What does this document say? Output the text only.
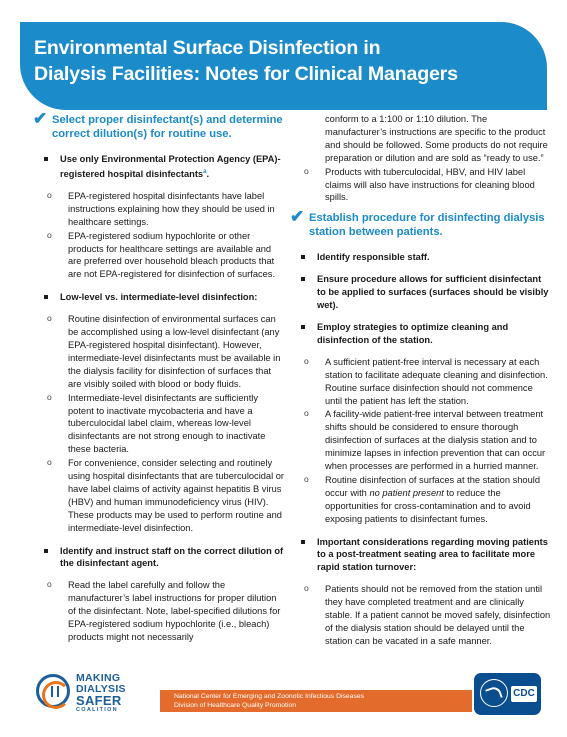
Environmental Surface Disinfection in
Dialysis Facilities: Notes for Clinical Managers
✔ Select proper disinfectant(s) and determine correct dilution(s) for routine use.
Use only Environmental Protection Agency (EPA)-registered hospital disinfectants$^a$.
o EPA-registered hospital disinfectants have label instructions explaining how they should be used in healthcare settings.
o EPA-registered sodium hypochlorite or other products for healthcare settings are available and are preferred over household bleach products that are not EPA-registered for disinfection of surfaces.
Low-level vs. intermediate-level disinfection:
o Routine disinfection of environmental surfaces can be accomplished using a low-level disinfectant (any EPA-registered hospital disinfectant). However, intermediate-level disinfectants must be available in the dialysis facility for disinfection of surfaces that are visibly soiled with blood or body fluids.
o Intermediate-level disinfectants are sufficiently potent to inactivate mycobacteria and have a tuberculocidal label claim, whereas low-level disinfectants are not strong enough to inactivate these bacteria.
o For convenience, consider selecting and routinely using hospital disinfectants that are tuberculocidal or have label claims of activity against hepatitis B virus (HBV) and human immunodeficiency virus (HIV). These products may be used to perform routine and intermediate-level disinfection.
Identify and instruct staff on the correct dilution of the disinfectant agent.
o Read the label carefully and follow the manufacturer’s label instructions for proper dilution of the disinfectant. Note, label-specified dilutions for EPA-registered sodium hypochlorite (i.e., bleach) products might not necessarily
conform to a 1:100 or 1:10 dilution. The manufacturer’s instructions are specific to the product and should be followed. Some products do not require preparation or dilution and are sold as “ready to use.”
o Products with tuberculocidal, HBV, and HIV label claims will also have instructions for cleaning blood spills.
✔ Establish procedure for disinfecting dialysis station between patients.
Identify responsible staff.
Ensure procedure allows for sufficient disinfectant to be applied to surfaces (surfaces should be visibly wet).
Employ strategies to optimize cleaning and disinfection of the station.
o A sufficient patient-free interval is necessary at each station to facilitate adequate cleaning and disinfection. Routine surface disinfection should not commence until the patient has left the station.
o A facility-wide patient-free interval between treatment shifts should be considered to ensure thorough disinfection of surfaces at the dialysis station and to minimize lapses in infection prevention that can occur when processes are performed in a hurried manner.
o Routine disinfection of surfaces at the station should occur with no patient present to reduce the opportunities for cross-contamination and to avoid exposing patients to disinfectant fumes.
Important considerations regarding moving patients to a post-treatment seating area to facilitate more rapid station turnover:
o Patients should not be removed from the station until they have completed treatment and are clinically stable. If a patient cannot be moved safely, disinfection of the dialysis station should be delayed until the station can be vacated in a safe manner.
MAKING
DIALYSIS
SAFER
COALITION
National Center for Emerging and Zoonotic Infectious Diseases
Division of Healthcare Quality Promotion
CDC
